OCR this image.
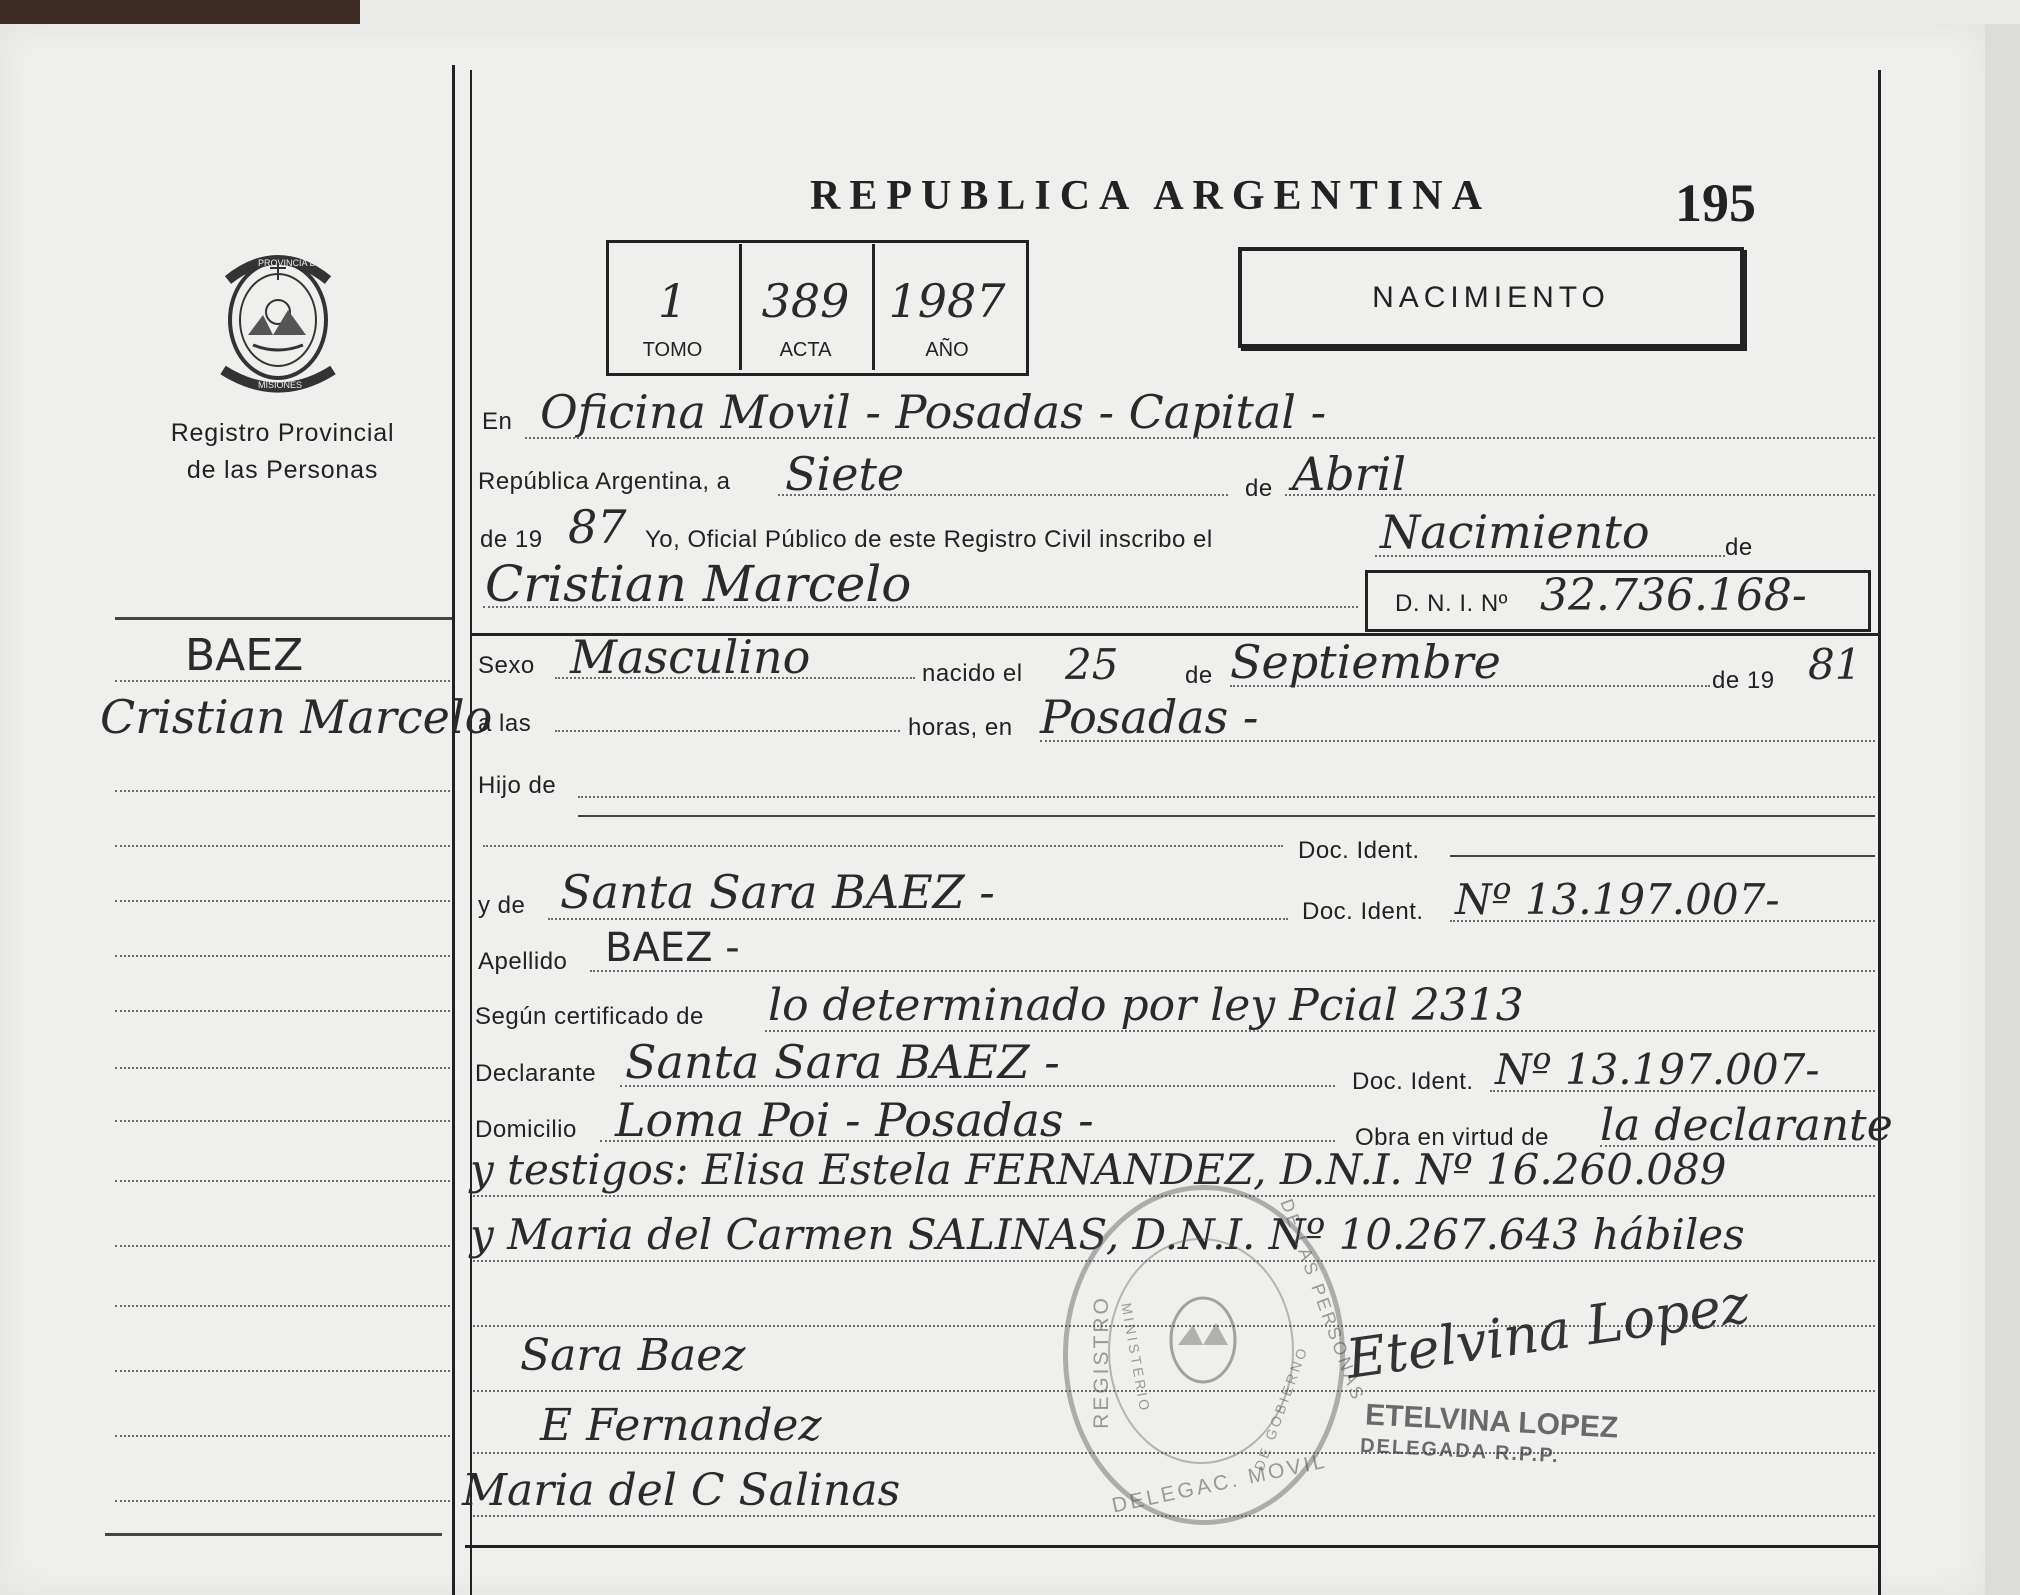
REPUBLICA ARGENTINA	195
NACIMIENTO
1
TOMO
389
ACTA
1987
AÑO
PROVINCIA DE
MISIONES
Registro Provincial
de las Personas
BAEZ
Cristian Marcelo
Sara Baez
E Fernandez
Maria del C Salinas
En Oficina Movil - Posadas - Capital -
República Argentina, a Siete	de Abril
de 19 87 Yo, Oficial Público de este Registro Civil inscribo el	Nacimiento	de
Cristian Marcelo	D. N. I. Nº 32.736.168-
Sexo Masculino	nacido el 25	de Septiembre	de 19 81
a las	horas, en Posadas -
Hijo de
Doc. Ident.
y de Santa Sara BAEZ -	Doc. Ident. Nº 13.197.007-
Apellido BAEZ -
Según certificado de lo determinado por ley Pcial 2313
Declarante Santa Sara BAEZ -	Doc. Ident. Nº 13.197.007-
Domicilio Loma Poi - Posadas -	Obra en virtud de la declarante
y testigos: Elisa Estela FERNANDEZ, D.N.I. Nº 16.260.089
y Maria del Carmen SALINAS, D.N.I. Nº 10.267.643 hábiles
REGISTRO	DE LAS PERSONAS
MINISTERIO	DE GOBIERNO
DELEGAC. MOVIL
Etelvina Lopez
ETELVINA LOPEZ
DELEGADA R.P.P.
